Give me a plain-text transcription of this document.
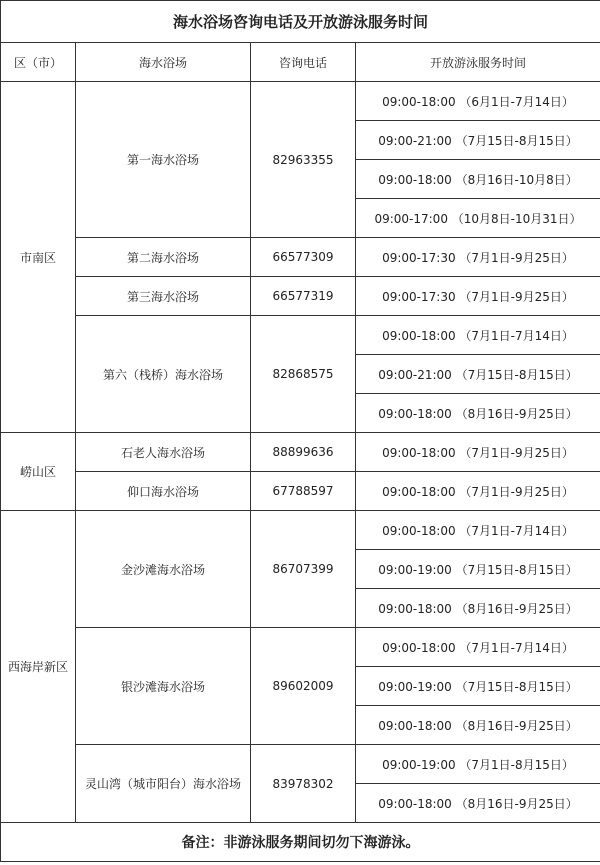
海水浴场咨询电话及开放游泳服务时间			
区（市）	海水浴场	咨询电话	开放游泳服务时间
市南区	第一海水浴场	82963355	09:00-18:00 （6月1日-7月14日）
			09:00-21:00 （7月15日-8月15日）
			09:00-18:00 （8月16日-10月8日）
			09:00-17:00 （10月8日-10月31日）
	第二海水浴场	66577309	09:00-17:30 （7月1日-9月25日）
	第三海水浴场	66577319	09:00-17:30 （7月1日-9月25日）
	第六（栈桥）海水浴场	82868575	09:00-18:00 （7月1日-7月14日）
			09:00-21:00 （7月15日-8月15日）
			09:00-18:00 （8月16日-9月25日）
崂山区	石老人海水浴场	88899636	09:00-18:00 （7月1日-9月25日）
	仰口海水浴场	67788597	09:00-18:00 （7月1日-9月25日）
西海岸新区	金沙滩海水浴场	86707399	09:00-18:00 （7月1日-7月14日）
			09:00-19:00 （7月15日-8月15日）
			09:00-18:00 （8月16日-9月25日）
	银沙滩海水浴场	89602009	09:00-18:00 （7月1日-7月14日）
			09:00-19:00 （7月15日-8月15日）
			09:00-18:00 （8月16日-9月25日）
	灵山湾（城市阳台）海水浴场	83978302	09:00-19:00 （7月1日-8月15日）
			09:00-18:00 （8月16日-9月25日）
备注：非游泳服务期间切勿下海游泳。			
